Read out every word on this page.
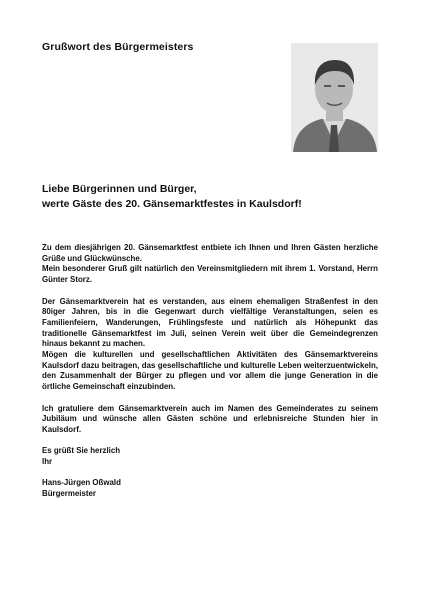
Grußwort des Bürgermeisters
Liebe Bürgerinnen und Bürger,
werte Gäste des 20. Gänsemarktfestes in Kaulsdorf!

Zu dem diesjährigen 20. Gänsemarktfest entbiete ich Ihnen und Ihren Gästen herzliche Grüße und Glückwünsche.

Mein besonderer Gruß gilt natürlich den Vereinsmitgliedern mit ihrem 1. Vorstand, Herrn Günter Storz.

Der Gänsemarktverein hat es verstanden, aus einem ehemaligen Straßenfest in den 80iger Jahren, bis in die Gegenwart durch vielfältige Veranstaltungen, seien es Familienfeiern, Wanderungen, Frühlingsfeste und natürlich als Höhepunkt das traditionelle Gänsemarktfest im Juli, seinen Verein weit über die Gemeindegrenzen hinaus bekannt zu machen.

Mögen die kulturellen und gesellschaftlichen Aktivitäten des Gänsemarktvereins Kaulsdorf dazu beitragen, das gesellschaftliche und kulturelle Leben weiterzuentwickeln, den Zusammenhalt der Bürger zu pflegen und vor allem die junge Generation in die örtliche Gemeinschaft einzubinden.

Ich gratuliere dem Gänsemarktverein auch im Namen des Gemeinderates zu seinem Jubiläum und wünsche allen Gästen schöne und erlebnisreiche Stunden hier in Kaulsdorf.

Es grüßt Sie herzlich
Ihr
Hans-Jürgen Oßwald
Bürgermeister
